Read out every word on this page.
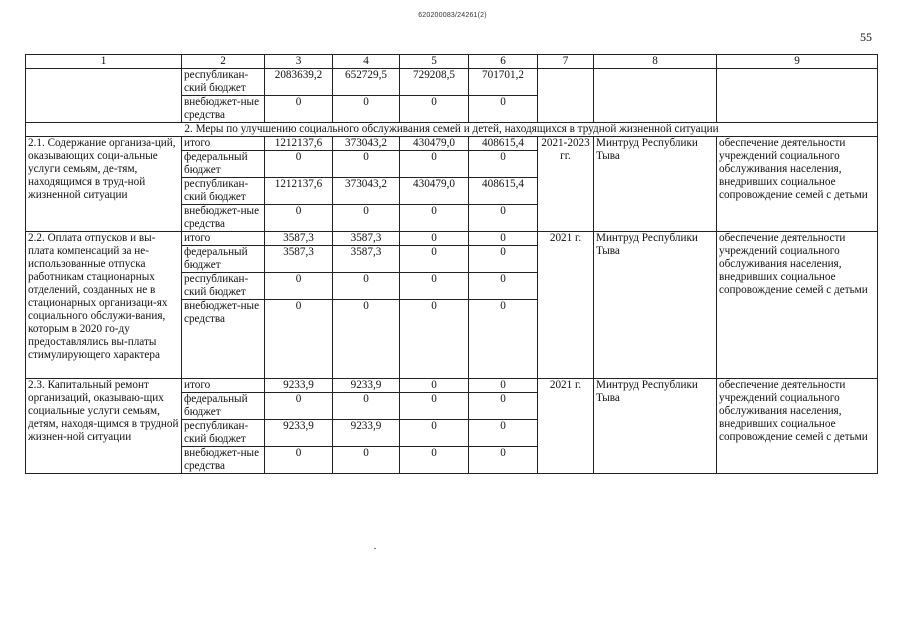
620200083/24261(2)
55
1	2	3	4	5	6	7	8	9
	республикан-ский бюджет	2083639,2	652729,5	729208,5	701701,2			
	внебюджет-ные средства	0	0	0	0			
2. Меры по улучшению социального обслуживания семей и детей, находящихся в трудной жизненной ситуации								
2.1. Содержание организа-ций, оказывающих соци-альные услуги семьям, де-тям, находящимся в труд-ной жизненной ситуации	итого	1212137,6	373043,2	430479,0	408615,4	2021-2023 гг.	Минтруд Республики Тыва	обеспечение деятельности учреждений социального обслуживания населения, внедривших социальное сопровождение семей с детьми
	федеральный бюджет	0	0	0	0			
	республикан-ский бюджет	1212137,6	373043,2	430479,0	408615,4			
	внебюджет-ные средства	0	0	0	0			
2.2. Оплата отпусков и вы-плата компенсаций за не-использованные отпуска работникам стационарных отделений, созданных не в стационарных организаци-ях социального обслужи-вания, которым в 2020 го-ду предоставлялись вы-платы стимулирующего характера	итого	3587,3	3587,3	0	0	2021 г.	Минтруд Республики Тыва	обеспечение деятельности учреждений социального обслуживания населения, внедривших социальное сопровождение семей с детьми
	федеральный бюджет	3587,3	3587,3	0	0			
	республикан-ский бюджет	0	0	0	0			
	внебюджет-ные средства	0	0	0	0			
2.3. Капитальный ремонт организаций, оказываю-щих социальные услуги семьям, детям, находя-щимся в трудной жизнен-ной ситуации	итого	9233,9	9233,9	0	0	2021 г.	Минтруд Республики Тыва	обеспечение деятельности учреждений социального обслуживания населения, внедривших социальное сопровождение семей с детьми
	федеральный бюджет	0	0	0	0			
	республикан-ский бюджет	9233,9	9233,9	0	0			
	внебюджет-ные средства	0	0	0	0			
